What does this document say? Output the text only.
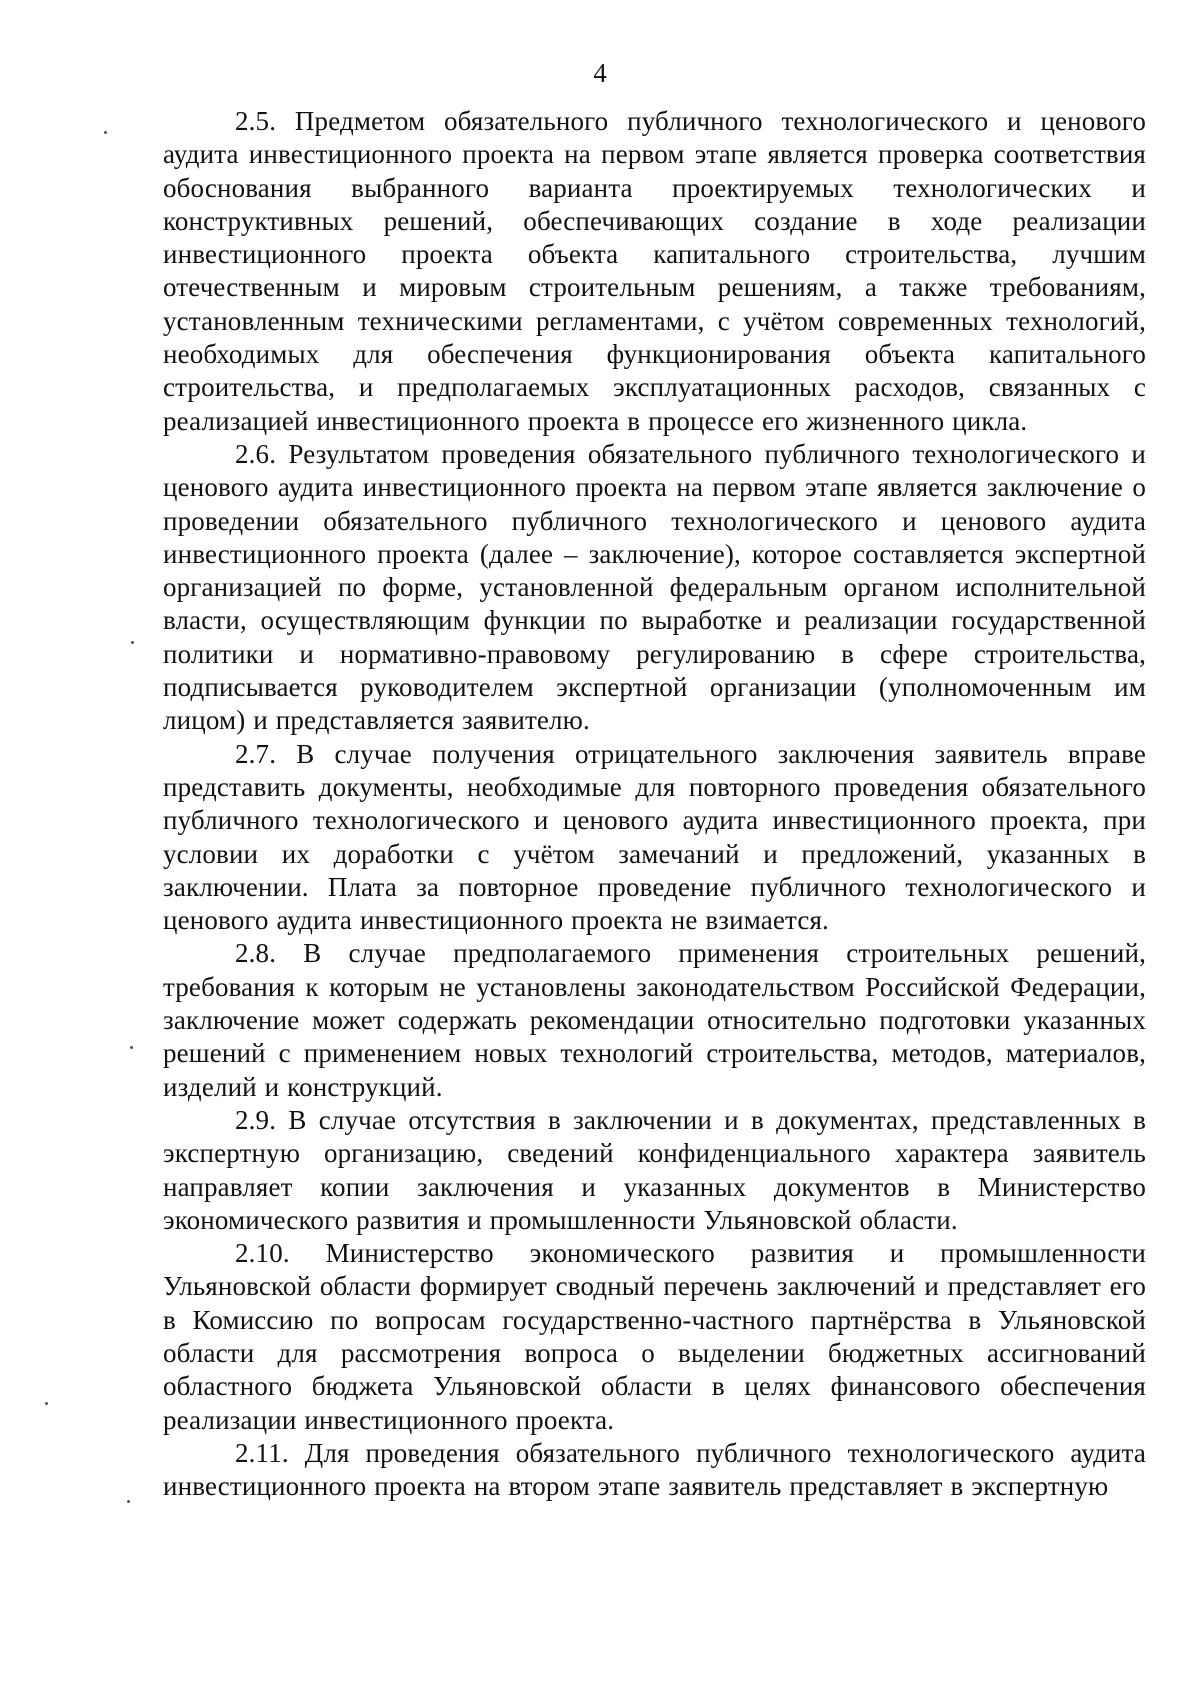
4

2.5. Предметом обязательного публичного технологического и ценового аудита инвестиционного проекта на первом этапе является проверка соответствия обоснования выбранного варианта проектируемых технологических и конструктивных решений, обеспечивающих создание в ходе реализации инвестиционного проекта объекта капитального строительства, лучшим отечественным и мировым строительным решениям, а также требованиям, установленным техническими регламентами, с учётом современных технологий, необходимых для обеспечения функционирования объекта капитального строительства, и предполагаемых эксплуатационных расходов, связанных с реализацией инвестиционного проекта в процессе его жизненного цикла.

2.6. Результатом проведения обязательного публичного технологического и ценового аудита инвестиционного проекта на первом этапе является заключение о проведении обязательного публичного технологического и ценового аудита инвестиционного проекта (далее – заключение), которое составляется экспертной организацией по форме, установленной федеральным органом исполнительной власти, осуществляющим функции по выработке и реализации государственной политики и нормативно-правовому регулированию в сфере строительства, подписывается руководителем экспертной организации (уполномоченным им лицом) и представляется заявителю.

2.7. В случае получения отрицательного заключения заявитель вправе представить документы, необходимые для повторного проведения обязательного публичного технологического и ценового аудита инвестиционного проекта, при условии их доработки с учётом замечаний и предложений, указанных в заключении. Плата за повторное проведение публичного технологического и ценового аудита инвестиционного проекта не взимается.

2.8. В случае предполагаемого применения строительных решений, требования к которым не установлены законодательством Российской Федерации, заключение может содержать рекомендации относительно подготовки указанных решений с применением новых технологий строительства, методов, материалов, изделий и конструкций.

2.9. В случае отсутствия в заключении и в документах, представленных в экспертную организацию, сведений конфиденциального характера заявитель направляет копии заключения и указанных документов в Министерство экономического развития и промышленности Ульяновской области.

2.10. Министерство экономического развития и промышленности Ульяновской области формирует сводный перечень заключений и представляет его в Комиссию по вопросам государственно-частного партнёрства в Ульяновской области для рассмотрения вопроса о выделении бюджетных ассигнований областного бюджета Ульяновской области в целях финансового обеспечения реализации инвестиционного проекта.

2.11. Для проведения обязательного публичного технологического аудита инвестиционного проекта на втором этапе заявитель представляет в экспертную
